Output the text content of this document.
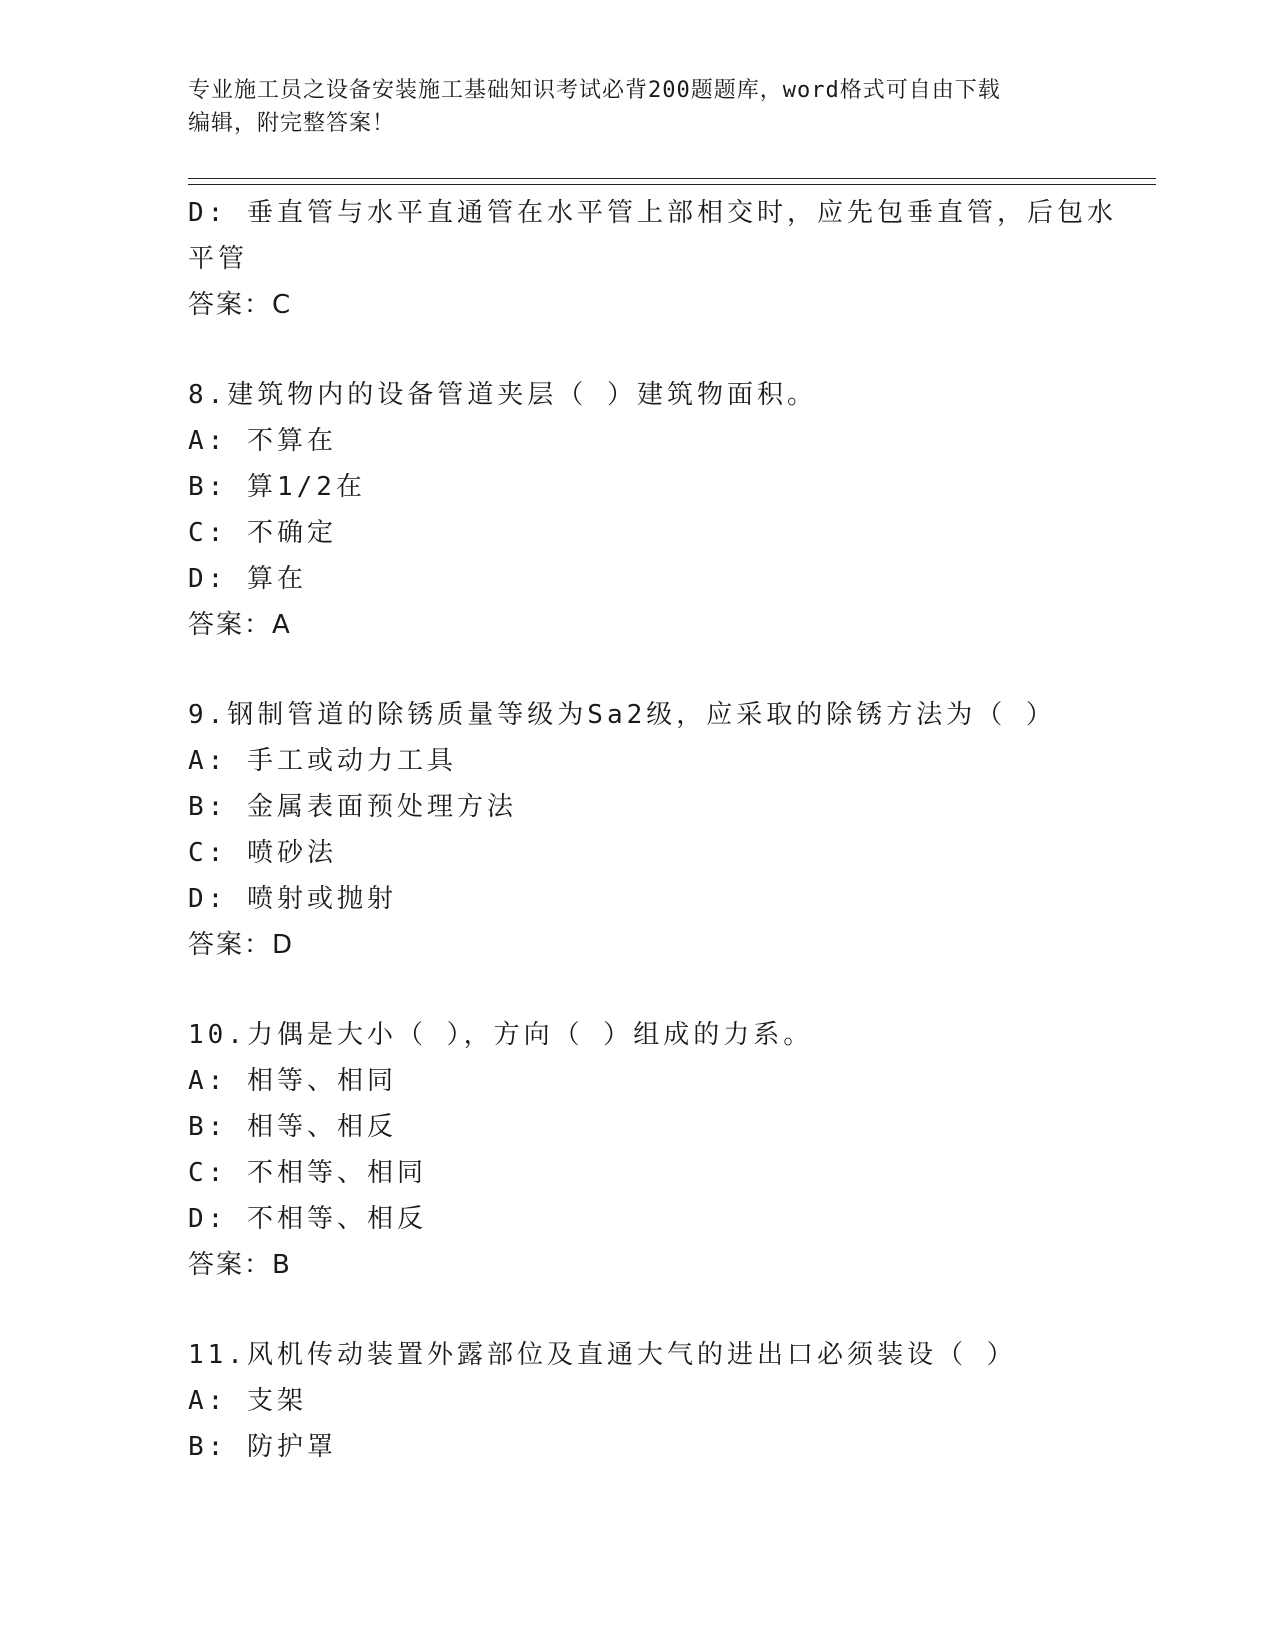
专业施工员之设备安装施工基础知识考试必背200题题库，word格式可自由下载
编辑，附完整答案！
D: 垂直管与水平直通管在水平管上部相交时，应先包垂直管，后包水
平管
答案：C
8.建筑物内的设备管道夹层（ ）建筑物面积。
A: 不算在
B: 算1/2在
C: 不确定
D: 算在
答案：A
9.钢制管道的除锈质量等级为Sa2级，应采取的除锈方法为（ ）
A: 手工或动力工具
B: 金属表面预处理方法
C: 喷砂法
D: 喷射或抛射
答案：D
10.力偶是大小（ ），方向（ ）组成的力系。
A: 相等、相同
B: 相等、相反
C: 不相等、相同
D: 不相等、相反
答案：B
11.风机传动装置外露部位及直通大气的进出口必须装设（ ）
A: 支架
B: 防护罩
